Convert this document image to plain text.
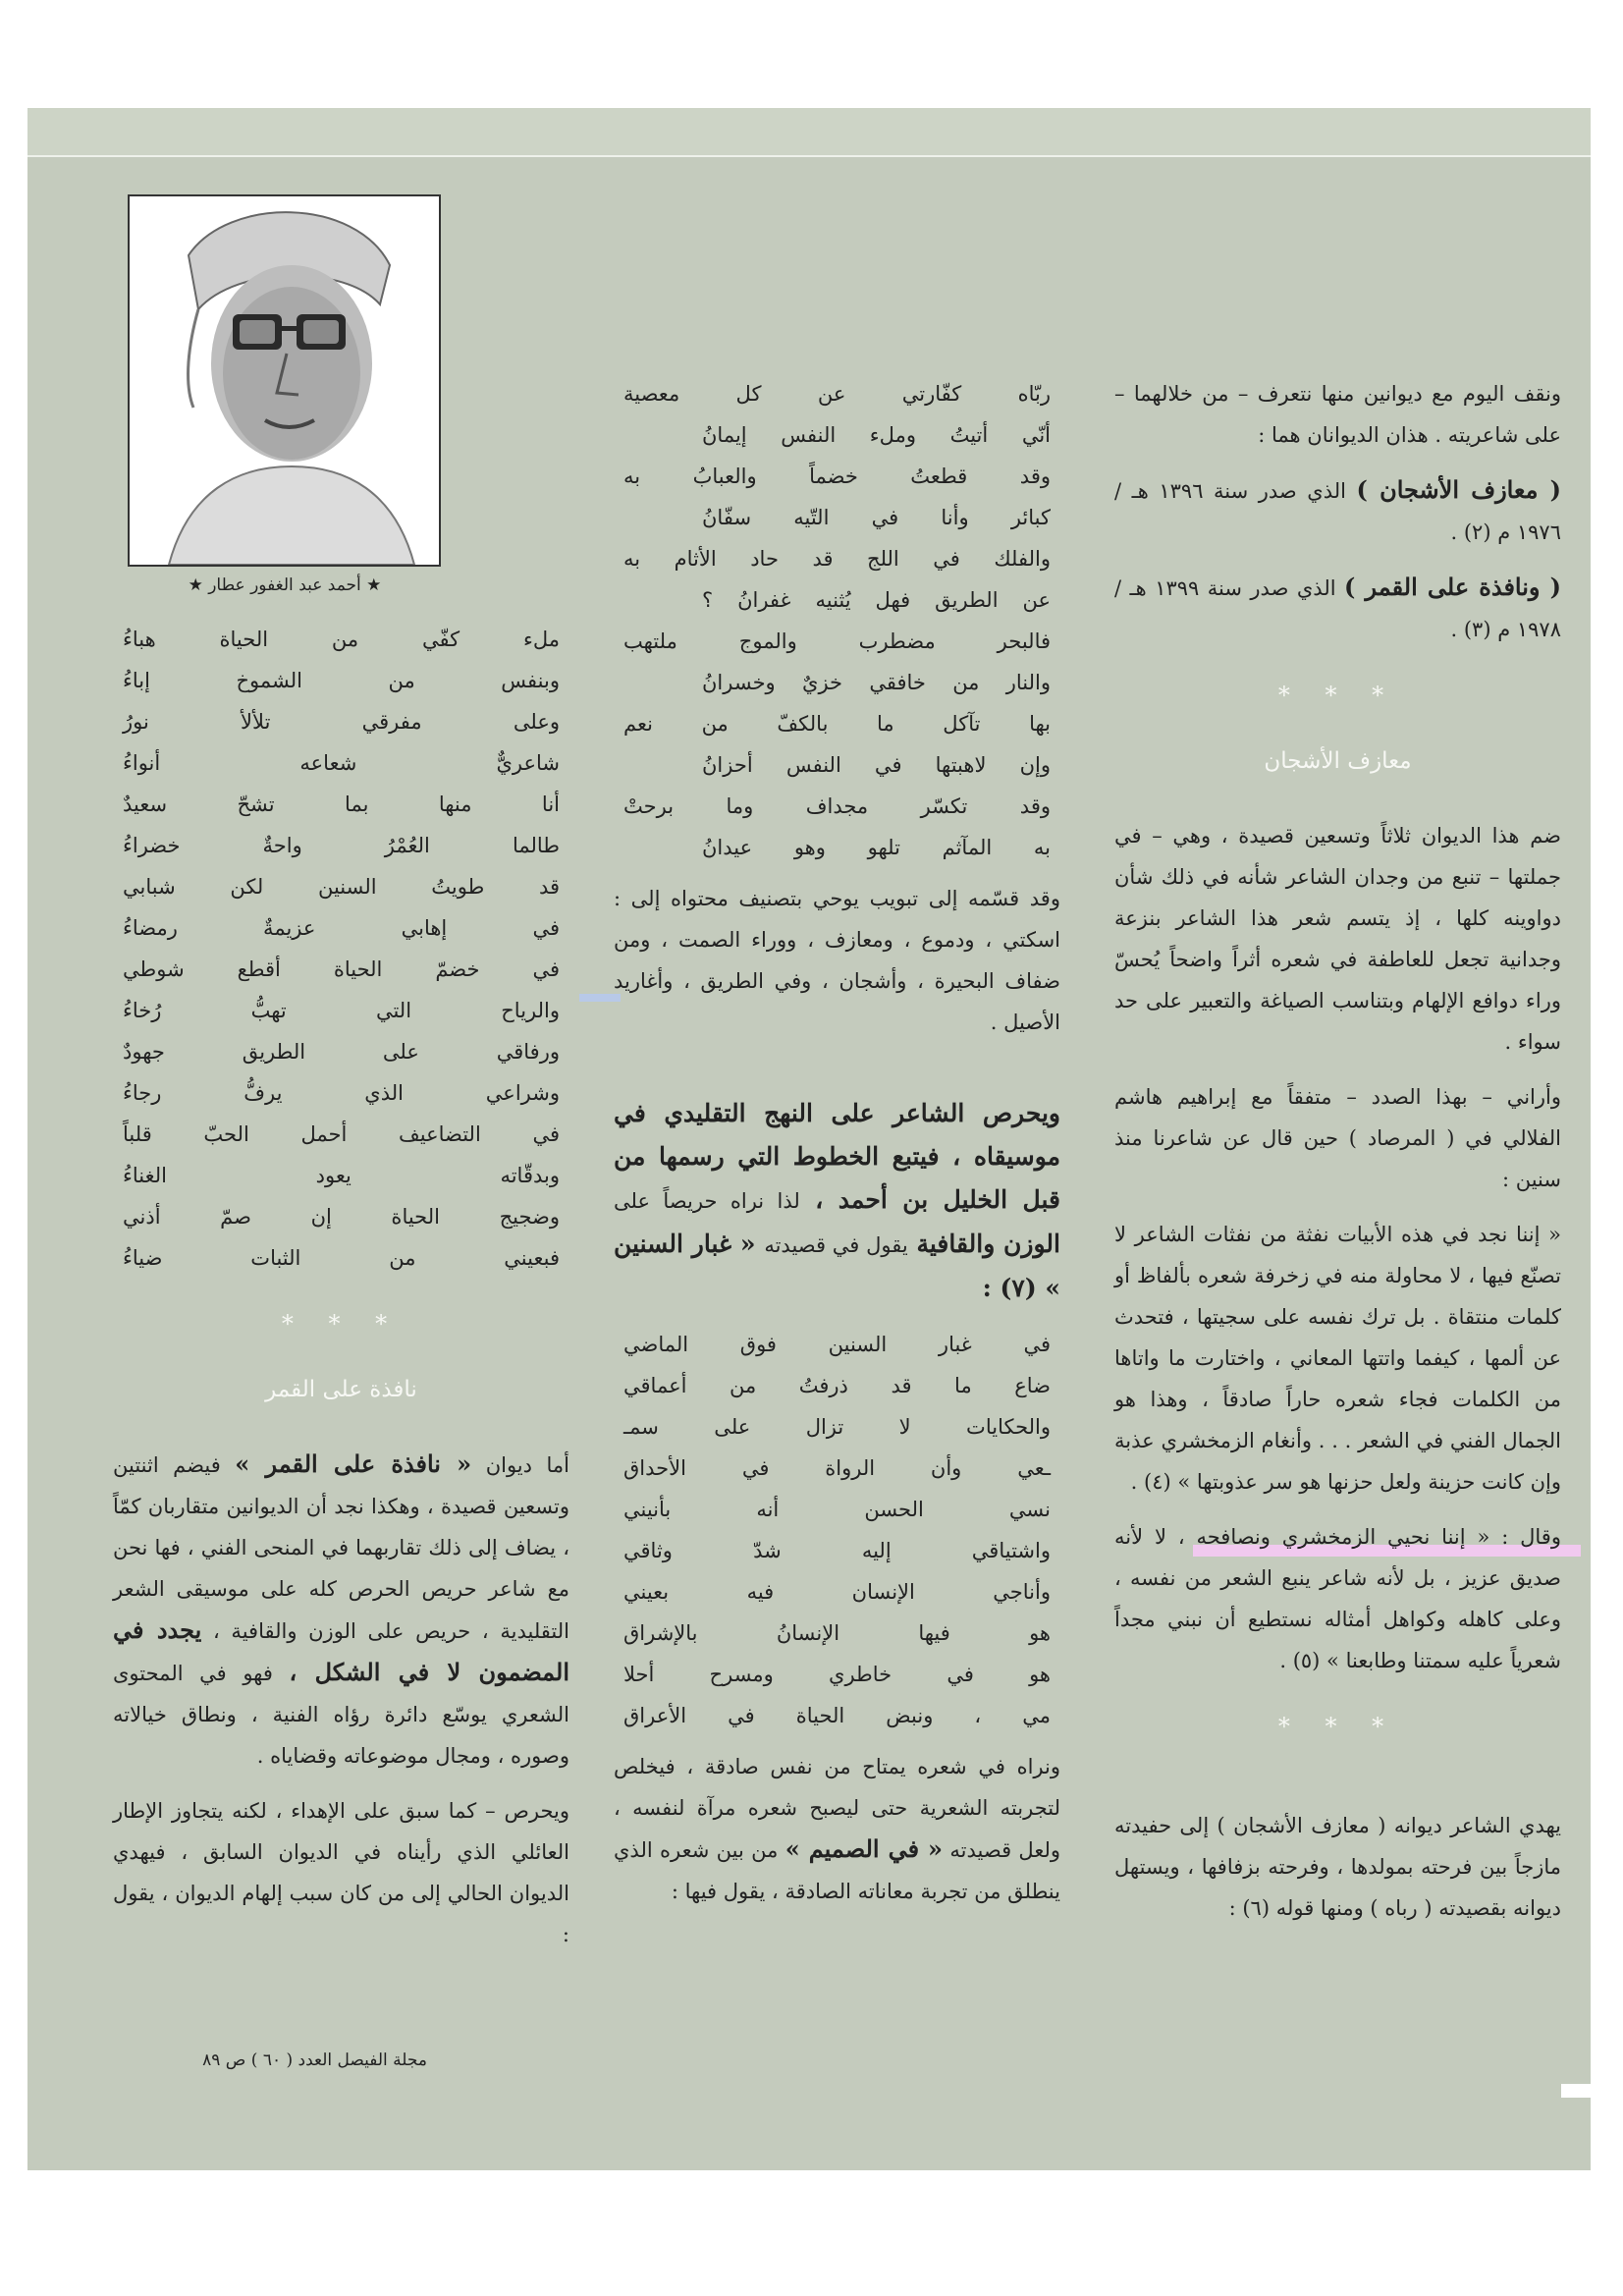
★ أحمد عبد الغفور عطار ★

ونقف اليوم مع ديوانين منها نتعرف – من خلالهما – على شاعريته . هذان الديوانان هما :

( معازف الأشجان ) الذي صدر سنة ١٣٩٦ هـ / ١٩٧٦ م (٢) .

( ونافذة على القمر ) الذي صدر سنة ١٣٩٩ هـ / ١٩٧٨ م (٣) .

* * *
معازف الأشجان

ضم هذا الديوان ثلاثاً وتسعين قصيدة ، وهي – في جملتها – تنبع من وجدان الشاعر شأنه في ذلك شأن دواوينه كلها ، إذ يتسم شعر هذا الشاعر بنزعة وجدانية تجعل للعاطفة في شعره أثراً واضحاً يُحسّ وراء دوافع الإلهام وبتناسب الصياغة والتعبير على حد سواء .

وأراني – بهذا الصدد – متفقاً مع إبراهيم هاشم الفلالي في ( المرصاد ) حين قال عن شاعرنا منذ سنين :

« إننا نجد في هذه الأبيات نفثة من نفثات الشاعر لا تصنّع فيها ، لا محاولة منه في زخرفة شعره بألفاظ أو كلمات منتقاة . بل ترك نفسه على سجيتها ، فتحدث عن ألمها ، كيفما واتتها المعاني ، واختارت ما واتاها من الكلمات فجاء شعره حاراً صادقاً ، وهذا هو الجمال الفني في الشعر . . . وأنغام الزمخشري عذبة وإن كانت حزينة ولعل حزنها هو سر عذوبتها » (٤) .

وقال : « إننا نحيي الزمخشري ونصافحه ، لا لأنه صديق عزيز ، بل لأنه شاعر ينبع الشعر من نفسه ، وعلى كاهله وكواهل أمثاله نستطيع أن نبني مجداً شعرياً عليه سمتنا وطابعنا » (٥) .

* * *

يهدي الشاعر ديوانه ( معازف الأشجان ) إلى حفيدته مازجاً بين فرحته بمولدها ، وفرحته بزفافها ، ويستهل ديوانه بقصيدته ( رباه ) ومنها قوله (٦) :

ربّاه كفّارتي عن كل معصية
أنّي أتيتُ وملء النفس إيمانُ
وقد قطعتُ خضماً والعبابُ به
كبائر وأنا في التّيه سفّانُ
والفلك في اللج قد حاد الأثام به
عن الطريق فهل يُثنيه غفرانُ ؟
فالبحر مضطرب والموج ملتهب
والنار من خافقي خزيٌ وخسرانُ
بها تآكل ما بالكفّ من نعم
وإن لاهبتها في النفس أحزانُ
وقد تكسّر مجداف وما برحتْ
به المآثم تلهو وهو عيدانُ

وقد قسّمه إلى تبويب يوحي بتصنيف محتواه إلى : اسكتي ، ودموع ، ومعازف ، ووراء الصمت ، ومن ضفاف البحيرة ، وأشجان ، وفي الطريق ، وأغاريد الأصيل .

ويحرص الشاعر على النهج التقليدي في موسيقاه ، فيتبع الخطوط التي رسمها من قبل الخليل بن أحمد ، لذا نراه حريصاً على الوزن والقافية يقول في قصيدته « غبار السنين » (٧) :

في غبار السنين فوق الماضي
ضاع ما قد ذرفتُ من أعماقي
والحكايات لا تزال على سمـ
ـعي وأن الرواة في الأحداق
نسي الحسن أنه بأنيني
واشتياقي إليه شدّ وثاقي
وأناجي الإنسان فيه بعيني
هو فيها الإنسانُ بالإشراق
هو في خاطري ومسرح أحلا
مي ، ونبض الحياة في الأعراق

ونراه في شعره يمتاح من نفس صادقة ، فيخلص لتجربته الشعرية حتى ليصبح شعره مرآة لنفسه ، ولعل قصيدته « في الصميم » من بين شعره الذي ينطلق من تجربة معاناته الصادقة ، يقول فيها :

ملء كفّي من الحياة هباءُ
وبنفس من الشموخ إباءُ
وعلى مفرقي تلألأ نورُ
شاعريٌّ شعاعه أنواءُ
أنا منها بما تشحّ سعيدٌ
طالما العُمْرُ واحةٌ خضراءُ
قد طويتُ السنين لكن شبابي
في إهابي عزيمةٌ رمضاءُ
في خضمّ الحياة أقطع شوطي
والرياح التي تهبُّ رُخاءُ
ورفاقي على الطريق جهودٌ
وشراعي الذي يرفُّ رجاءُ
في التضاعيف أحمل الحبّ قلباً
وبدقّاته يعود الغناءُ
وضجيج الحياة إن صمّ أذني
فبعيني من الثبات ضياءُ
* * *
نافذة على القمر

أما ديوان « نافذة على القمر » فيضم اثنتين وتسعين قصيدة ، وهكذا نجد أن الديوانين متقاربان كمّاً ، يضاف إلى ذلك تقاربهما في المنحى الفني ، فها نحن مع شاعر حريص الحرص كله على موسيقى الشعر التقليدية ، حريص على الوزن والقافية ، يجدد في المضمون لا في الشكل ، فهو في المحتوى الشعري يوسّع دائرة رؤاه الفنية ، ونطاق خيالاته وصوره ، ومجال موضوعاته وقضاياه .

ويحرص – كما سبق على الإهداء ، لكنه يتجاوز الإطار العائلي الذي رأيناه في الديوان السابق ، فيهدي الديوان الحالي إلى من كان سبب إلهام الديوان ، يقول :

مجلة الفيصل العدد ( ٦٠ ) ص ٨٩
